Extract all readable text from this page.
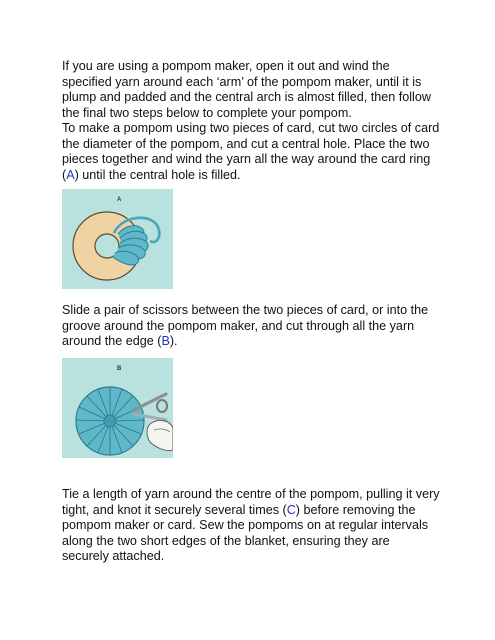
If you are using a pompom maker, open it out and wind the specified yarn around each ‘arm’ of the pompom maker, until it is plump and padded and the central arch is almost filled, then follow the final two steps below to complete your pompom.

To make a pompom using two pieces of card, cut two circles of card the diameter of the pompom, and cut a central hole. Place the two pieces together and wind the yarn all the way around the card ring (A) until the central hole is filled.

A

Slide a pair of scissors between the two pieces of card, or into the groove around the pompom maker, and cut through all the yarn around the edge (B).

B

Tie a length of yarn around the centre of the pompom, pulling it very tight, and knot it securely several times (C) before removing the pompom maker or card. Sew the pompoms on at regular intervals along the two short edges of the blanket, ensuring they are securely attached.
